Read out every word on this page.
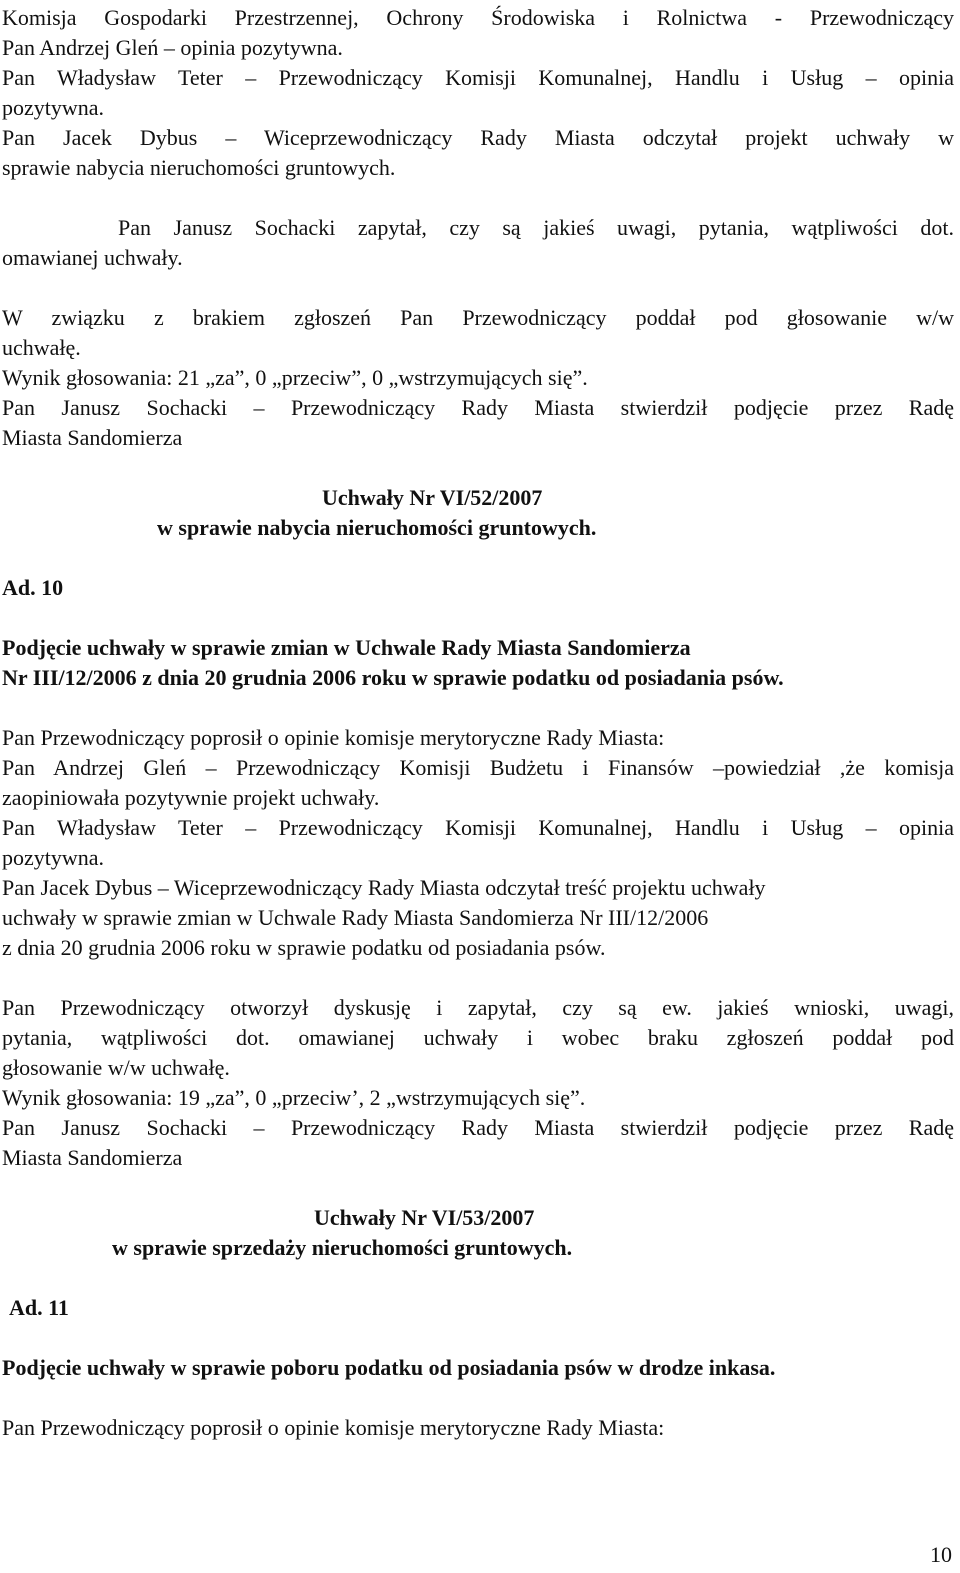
Komisja Gospodarki Przestrzennej, Ochrony Środowiska i Rolnictwa - Przewodniczący
Pan Andrzej Gleń – opinia pozytywna.
Pan Władysław Teter – Przewodniczący Komisji Komunalnej, Handlu i Usług – opinia
pozytywna.
Pan Jacek Dybus – Wiceprzewodniczący Rady Miasta odczytał projekt uchwały w
sprawie nabycia nieruchomości gruntowych.
Pan Janusz Sochacki zapytał, czy są jakieś uwagi, pytania, wątpliwości dot.
omawianej uchwały.
W związku z brakiem zgłoszeń Pan Przewodniczący poddał pod głosowanie w/w
uchwałę.
Wynik głosowania: 21 „za”, 0 „przeciw”, 0 „wstrzymujących się”.
Pan Janusz Sochacki – Przewodniczący Rady Miasta stwierdził podjęcie przez Radę
Miasta Sandomierza
Uchwały Nr VI/52/2007
w sprawie nabycia nieruchomości gruntowych.
Ad. 10
Podjęcie uchwały w sprawie zmian w Uchwale Rady Miasta Sandomierza
Nr III/12/2006 z dnia 20 grudnia 2006 roku w sprawie podatku od posiadania psów.
Pan Przewodniczący poprosił o opinie komisje merytoryczne Rady Miasta:
Pan Andrzej Gleń – Przewodniczący Komisji Budżetu i Finansów –powiedział ,że komisja
zaopiniowała pozytywnie projekt uchwały.
Pan Władysław Teter – Przewodniczący Komisji Komunalnej, Handlu i Usług – opinia
pozytywna.
Pan Jacek Dybus – Wiceprzewodniczący Rady Miasta odczytał treść projektu uchwały
uchwały w sprawie zmian w Uchwale Rady Miasta Sandomierza Nr III/12/2006
z dnia 20 grudnia 2006 roku w sprawie podatku od posiadania psów.
Pan Przewodniczący otworzył dyskusję i zapytał, czy są ew. jakieś wnioski, uwagi,
pytania, wątpliwości dot. omawianej uchwały i wobec braku zgłoszeń poddał pod
głosowanie w/w uchwałę.
Wynik głosowania: 19 „za”, 0 „przeciw’, 2 „wstrzymujących się”.
Pan Janusz Sochacki – Przewodniczący Rady Miasta stwierdził podjęcie przez Radę
Miasta Sandomierza
Uchwały Nr VI/53/2007
w sprawie sprzedaży nieruchomości gruntowych.
Ad. 11
Podjęcie uchwały w sprawie poboru podatku od posiadania psów w drodze inkasa.
Pan Przewodniczący poprosił o opinie komisje merytoryczne Rady Miasta:
10
